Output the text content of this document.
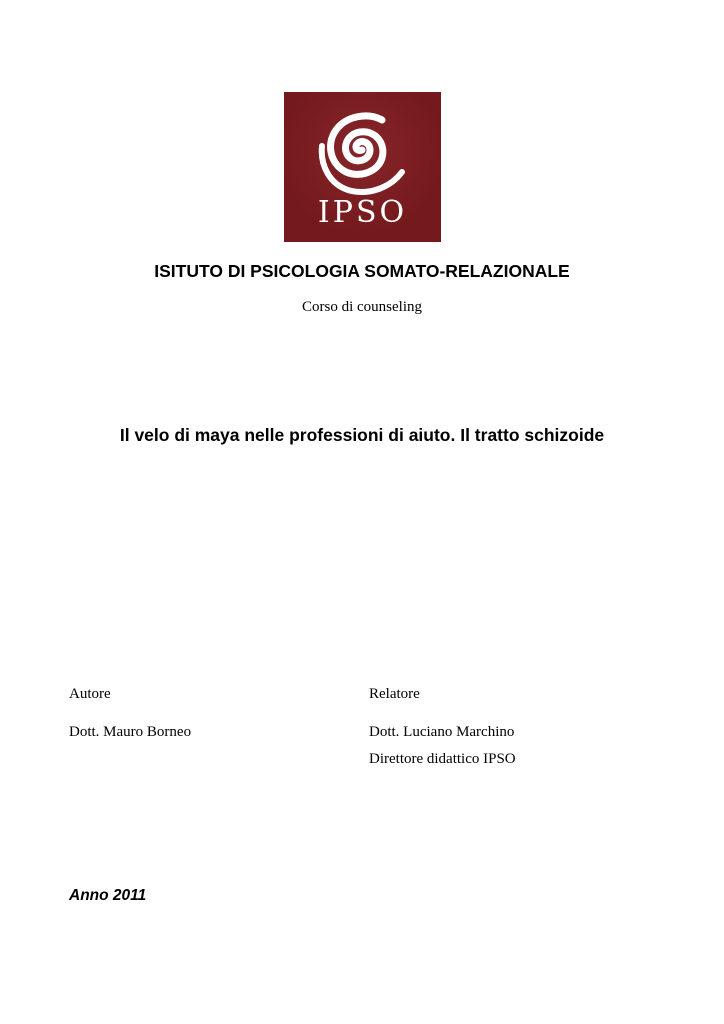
IPSO
ISITUTO DI PSICOLOGIA SOMATO-RELAZIONALE
Corso di counseling
Il velo di maya nelle professioni di aiuto. Il tratto schizoide
Autore
Dott. Mauro Borneo
Relatore
Dott. Luciano Marchino
Direttore didattico IPSO
Anno 2011
